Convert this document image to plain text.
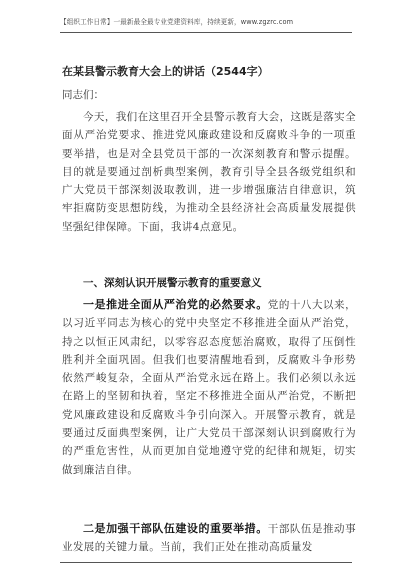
【组织工作日常】一最新最全最专业党建资料库，持续更新，www.zgzrc.com
在某县警示教育大会上的讲话（2544字）
同志们：

今天，我们在这里召开全县警示教育大会，这既是落实全面从严治党要求、推进党风廉政建设和反腐败斗争的一项重要举措，也是对全县党员干部的一次深刻教育和警示提醒。目的就是要通过剖析典型案例，教育引导全县各级党组织和广大党员干部深刻汲取教训，进一步增强廉洁自律意识，筑牢拒腐防变思想防线，为推动全县经济社会高质量发展提供坚强纪律保障。下面，我讲4点意见。

一、深刻认识开展警示教育的重要意义

一是推进全面从严治党的必然要求。党的十八大以来，以习近平同志为核心的党中央坚定不移推进全面从严治党，持之以恒正风肃纪，以零容忍态度惩治腐败，取得了压倒性胜利并全面巩固。但我们也要清醒地看到，反腐败斗争形势依然严峻复杂，全面从严治党永远在路上。我们必须以永远在路上的坚韧和执着，坚定不移推进全面从严治党，不断把党风廉政建设和反腐败斗争引向深入。开展警示教育，就是要通过反面典型案例，让广大党员干部深刻认识到腐败行为的严重危害性，从而更加自觉地遵守党的纪律和规矩，切实做到廉洁自律。

二是加强干部队伍建设的重要举措。干部队伍是推动事业发展的关键力量。当前，我们正处在推动高质量发
